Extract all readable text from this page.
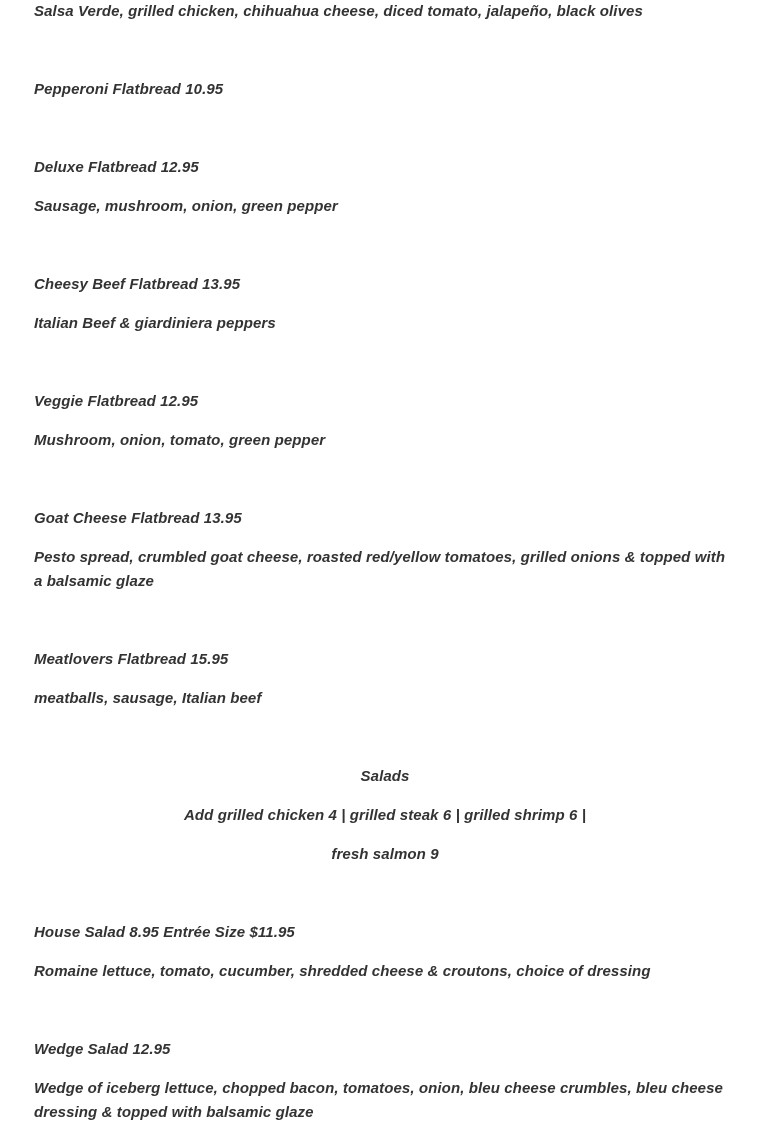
Salsa Verde, grilled chicken, chihuahua cheese, diced tomato, jalapeño, black olives

Pepperoni Flatbread 10.95

Deluxe Flatbread 12.95

Sausage, mushroom, onion, green pepper

Cheesy Beef Flatbread 13.95

Italian Beef & giardiniera peppers

Veggie Flatbread 12.95

Mushroom, onion, tomato, green pepper

Goat Cheese Flatbread 13.95

Pesto spread, crumbled goat cheese, roasted red/yellow tomatoes, grilled onions & topped with a balsamic glaze

Meatlovers Flatbread 15.95

meatballs, sausage, Italian beef

Salads

Add grilled chicken 4 | grilled steak 6 | grilled shrimp 6 |

fresh salmon 9

House Salad 8.95 Entrée Size $11.95

Romaine lettuce, tomato, cucumber, shredded cheese & croutons, choice of dressing

Wedge Salad 12.95

Wedge of iceberg lettuce, chopped bacon, tomatoes, onion, bleu cheese crumbles, bleu cheese dressing & topped with balsamic glaze
